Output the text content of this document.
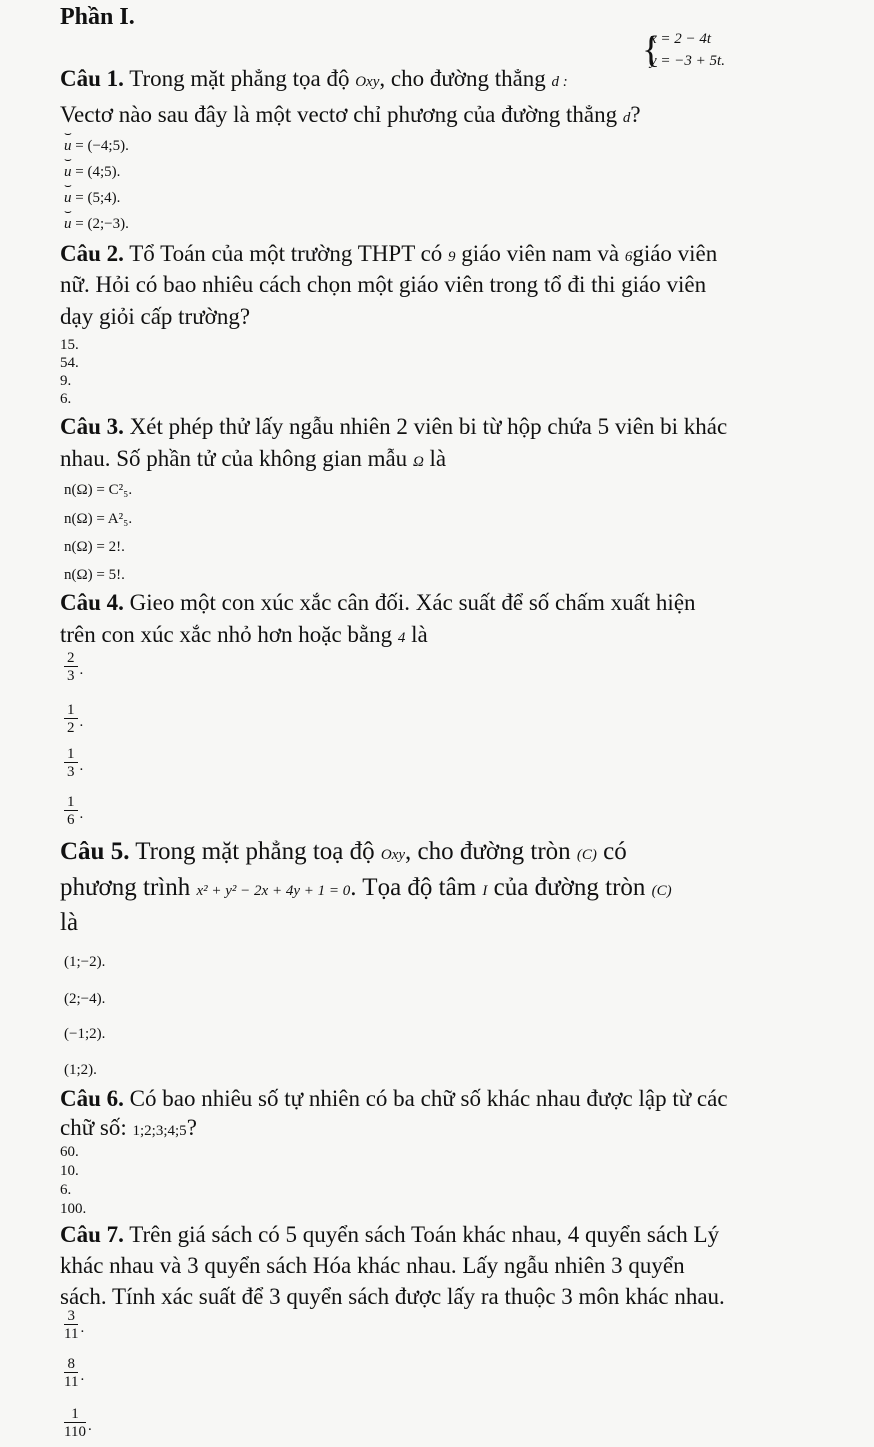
Phần I.
{
x = 2 − 4t
y = −3 + 5t.
Câu 1. Trong mặt phẳng tọa độ Oxy, cho đường thẳng d :
Vectơ nào sau đây là một vectơ chỉ phương của đường thẳng d?
⌣ u = (−4;5).
⌣ u = (4;5).
⌣ u = (5;4).
⌣ u = (2;−3).
Câu 2. Tổ Toán của một trường THPT có 9 giáo viên nam và 6giáo viên
nữ. Hỏi có bao nhiêu cách chọn một giáo viên trong tổ đi thi giáo viên
dạy giỏi cấp trường?
15.
54.
9.
6.
Câu 3. Xét phép thử lấy ngẫu nhiên 2 viên bi từ hộp chứa 5 viên bi khác
nhau. Số phần tử của không gian mẫu Ω là
n(Ω) = C²₅.
n(Ω) = A²₅.
n(Ω) = 2!.
n(Ω) = 5!.
Câu 4. Gieo một con xúc xắc cân đối. Xác suất để số chấm xuất hiện
trên con xúc xắc nhỏ hơn hoặc bằng 4 là
2
3 .
1
2 .
1
3 .
1
6 .
Câu 5. Trong mặt phẳng toạ độ Oxy, cho đường tròn (C) có
phương trình x² + y² − 2x + 4y + 1 = 0. Tọa độ tâm I của đường tròn (C)
là
(1;−2).
(2;−4).
(−1;2).
(1;2).
Câu 6. Có bao nhiêu số tự nhiên có ba chữ số khác nhau được lập từ các
chữ số: 1;2;3;4;5?
60.
10.
6.
100.
Câu 7. Trên giá sách có 5 quyển sách Toán khác nhau, 4 quyển sách Lý
khác nhau và 3 quyển sách Hóa khác nhau. Lấy ngẫu nhiên 3 quyển
sách. Tính xác suất để 3 quyển sách được lấy ra thuộc 3 môn khác nhau.
3
11 .
8
11 .
1
110 .
